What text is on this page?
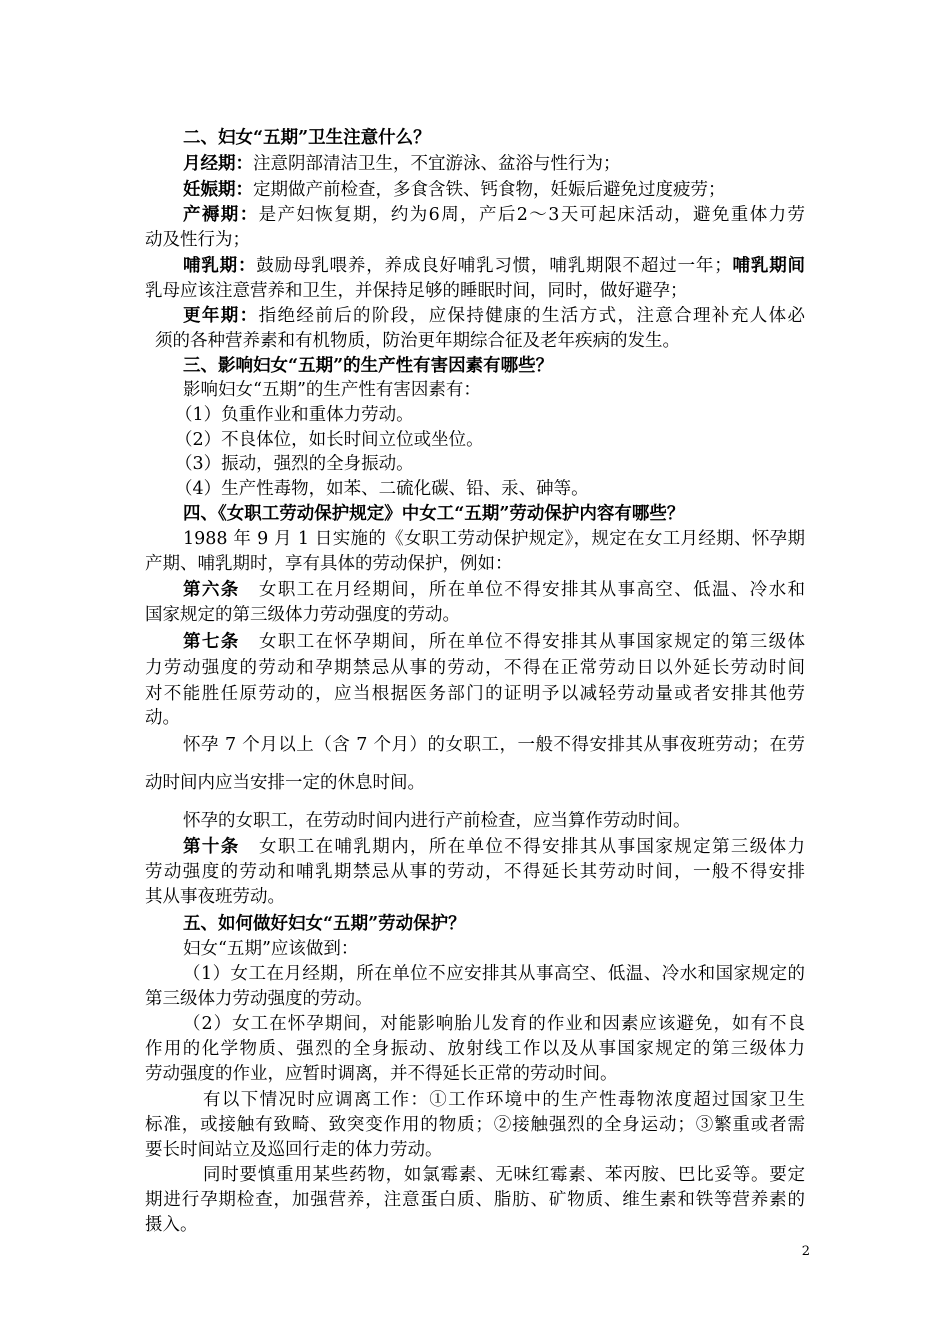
二、妇女“五期”卫生注意什么？
月经期：注意阴部清洁卫生，不宜游泳、盆浴与性行为；
妊娠期：定期做产前检查，多食含铁、钙食物，妊娠后避免过度疲劳；
产褥期：是产妇恢复期，约为6周，产后2～3天可起床活动，避免重体力劳
动及性行为；
哺乳期：鼓励母乳喂养，养成良好哺乳习惯，哺乳期限不超过一年；哺乳期间
乳母应该注意营养和卫生，并保持足够的睡眠时间，同时，做好避孕；
更年期：指绝经前后的阶段，应保持健康的生活方式，注意合理补充人体必
须的各种营养素和有机物质，防治更年期综合征及老年疾病的发生。
三、影响妇女“五期”的生产性有害因素有哪些？
影响妇女“五期”的生产性有害因素有：
（1）负重作业和重体力劳动。
（2）不良体位，如长时间立位或坐位。
（3）振动，强烈的全身振动。
（4）生产性毒物，如苯、二硫化碳、铅、汞、砷等。
四、《女职工劳动保护规定》中女工“五期”劳动保护内容有哪些？
1988 年 9 月 1 日实施的《女职工劳动保护规定》，规定在女工月经期、怀孕期
产期、哺乳期时，享有具体的劳动保护，例如：
第六条 女职工在月经期间，所在单位不得安排其从事高空、低温、冷水和
国家规定的第三级体力劳动强度的劳动。
第七条 女职工在怀孕期间，所在单位不得安排其从事国家规定的第三级体
力劳动强度的劳动和孕期禁忌从事的劳动，不得在正常劳动日以外延长劳动时间
对不能胜任原劳动的，应当根据医务部门的证明予以减轻劳动量或者安排其他劳
动。
怀孕 7 个月以上（含 7 个月）的女职工，一般不得安排其从事夜班劳动；在劳
动时间内应当安排一定的休息时间。
怀孕的女职工，在劳动时间内进行产前检查，应当算作劳动时间。
第十条 女职工在哺乳期内，所在单位不得安排其从事国家规定第三级体力
劳动强度的劳动和哺乳期禁忌从事的劳动，不得延长其劳动时间，一般不得安排
其从事夜班劳动。
五、如何做好妇女“五期”劳动保护？
妇女“五期”应该做到：
（1）女工在月经期，所在单位不应安排其从事高空、低温、冷水和国家规定的
第三级体力劳动强度的劳动。
（2）女工在怀孕期间，对能影响胎儿发育的作业和因素应该避免，如有不良
作用的化学物质、强烈的全身振动、放射线工作以及从事国家规定的第三级体力
劳动强度的作业，应暂时调离，并不得延长正常的劳动时间。
有以下情况时应调离工作：①工作环境中的生产性毒物浓度超过国家卫生
标准，或接触有致畸、致突变作用的物质；②接触强烈的全身运动；③繁重或者需
要长时间站立及巡回行走的体力劳动。
同时要慎重用某些药物，如氯霉素、无味红霉素、苯丙胺、巴比妥等。要定
期进行孕期检查，加强营养，注意蛋白质、脂肪、矿物质、维生素和铁等营养素的
摄入。
2
